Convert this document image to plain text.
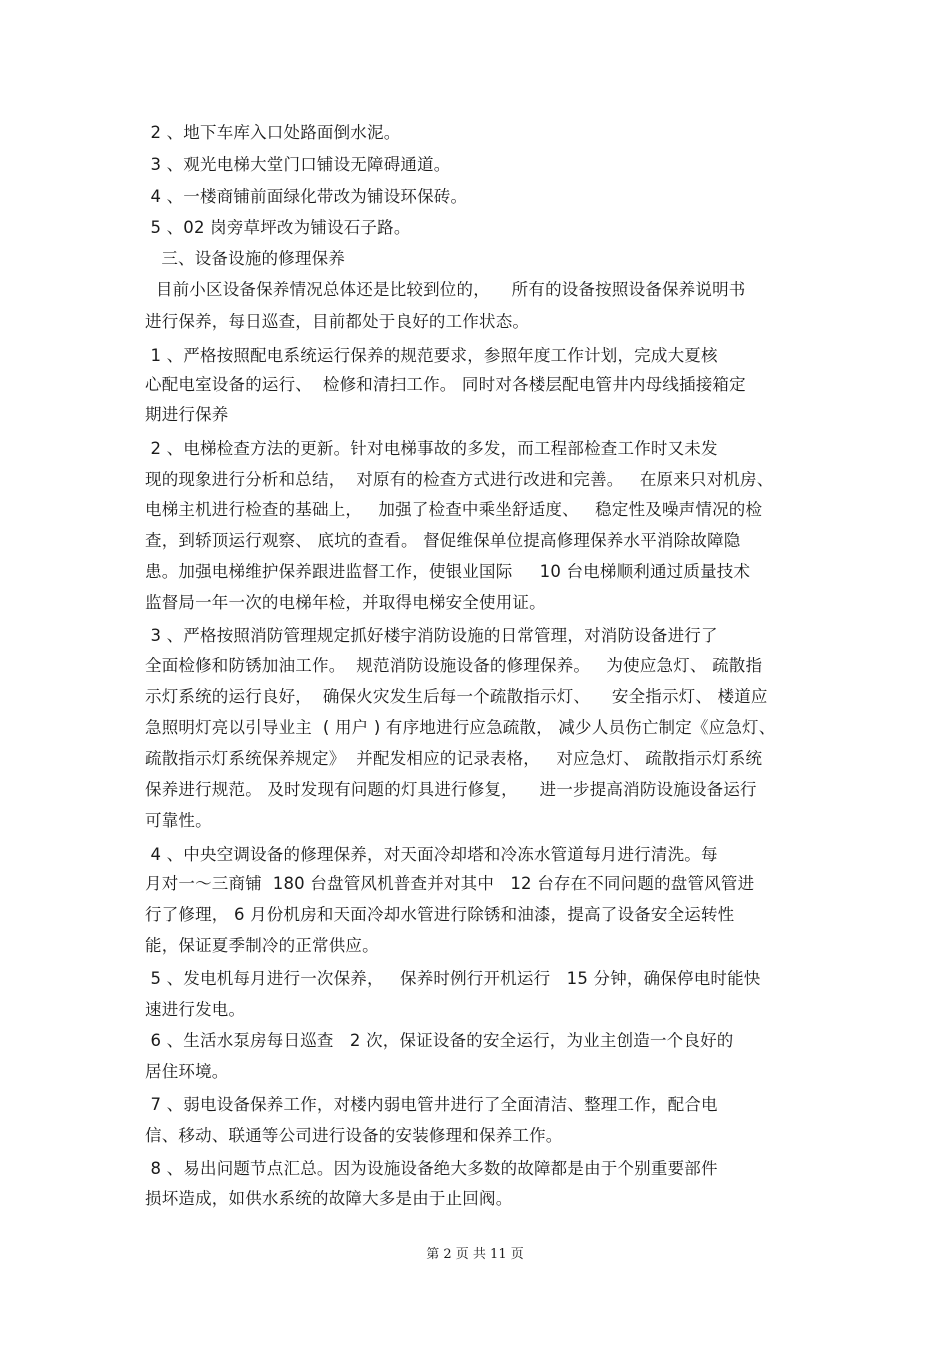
2 、地下车库入口处路面倒水泥。
3 、观光电梯大堂门口铺设无障碍通道。
4 、一楼商铺前面绿化带改为铺设环保砖。
5 、02 岗旁草坪改为铺设石子路。
三、设备设施的修理保养
目前小区设备保养情况总体还是比较到位的，    所有的设备按照设备保养说明书
进行保养，每日巡查，目前都处于良好的工作状态。
1 、严格按照配电系统运行保养的规范要求，参照年度工作计划，完成大夏核
心配电室设备的运行、  检修和清扫工作。 同时对各楼层配电管井内母线插接箱定
期进行保养
2 、电梯检查方法的更新。针对电梯事故的多发，而工程部检查工作时又未发
现的现象进行分析和总结，  对原有的检查方式进行改进和完善。   在原来只对机房、
电梯主机进行检查的基础上，   加强了检查中乘坐舒适度、   稳定性及噪声情况的检
查，到轿顶运行观察、 底坑的查看。 督促维保单位提高修理保养水平消除故障隐
患。加强电梯维护保养跟进监督工作，使银业国际     10 台电梯顺利通过质量技术
监督局一年一次的电梯年检，并取得电梯安全使用证。
3 、严格按照消防管理规定抓好楼宇消防设施的日常管理，对消防设备进行了
全面检修和防锈加油工作。  规范消防设施设备的修理保养。   为使应急灯、 疏散指
示灯系统的运行良好，  确保火灾发生后每一个疏散指示灯、    安全指示灯、 楼道应
急照明灯亮以引导业主  ( 用户 ) 有序地进行应急疏散， 减少人员伤亡制定《应急灯、
疏散指示灯系统保养规定》  并配发相应的记录表格，   对应急灯、 疏散指示灯系统
保养进行规范。 及时发现有问题的灯具进行修复，    进一步提高消防设施设备运行
可靠性。
4 、中央空调设备的修理保养，对天面冷却塔和冷冻水管道每月进行清洗。每
月对一～三商铺  180 台盘管风机普查并对其中   12 台存在不同问题的盘管风管进
行了修理， 6 月份机房和天面冷却水管进行除锈和油漆，提高了设备安全运转性
能，保证夏季制冷的正常供应。
5 、发电机每月进行一次保养，   保养时例行开机运行   15 分钟，确保停电时能快
速进行发电。
6 、生活水泵房每日巡查   2 次，保证设备的安全运行，为业主创造一个良好的
居住环境。
7 、弱电设备保养工作，对楼内弱电管井进行了全面清洁、整理工作，配合电
信、移动、联通等公司进行设备的安装修理和保养工作。
8 、易出问题节点汇总。因为设施设备绝大多数的故障都是由于个别重要部件
损坏造成，如供水系统的故障大多是由于止回阀。
第 2 页 共 11 页
